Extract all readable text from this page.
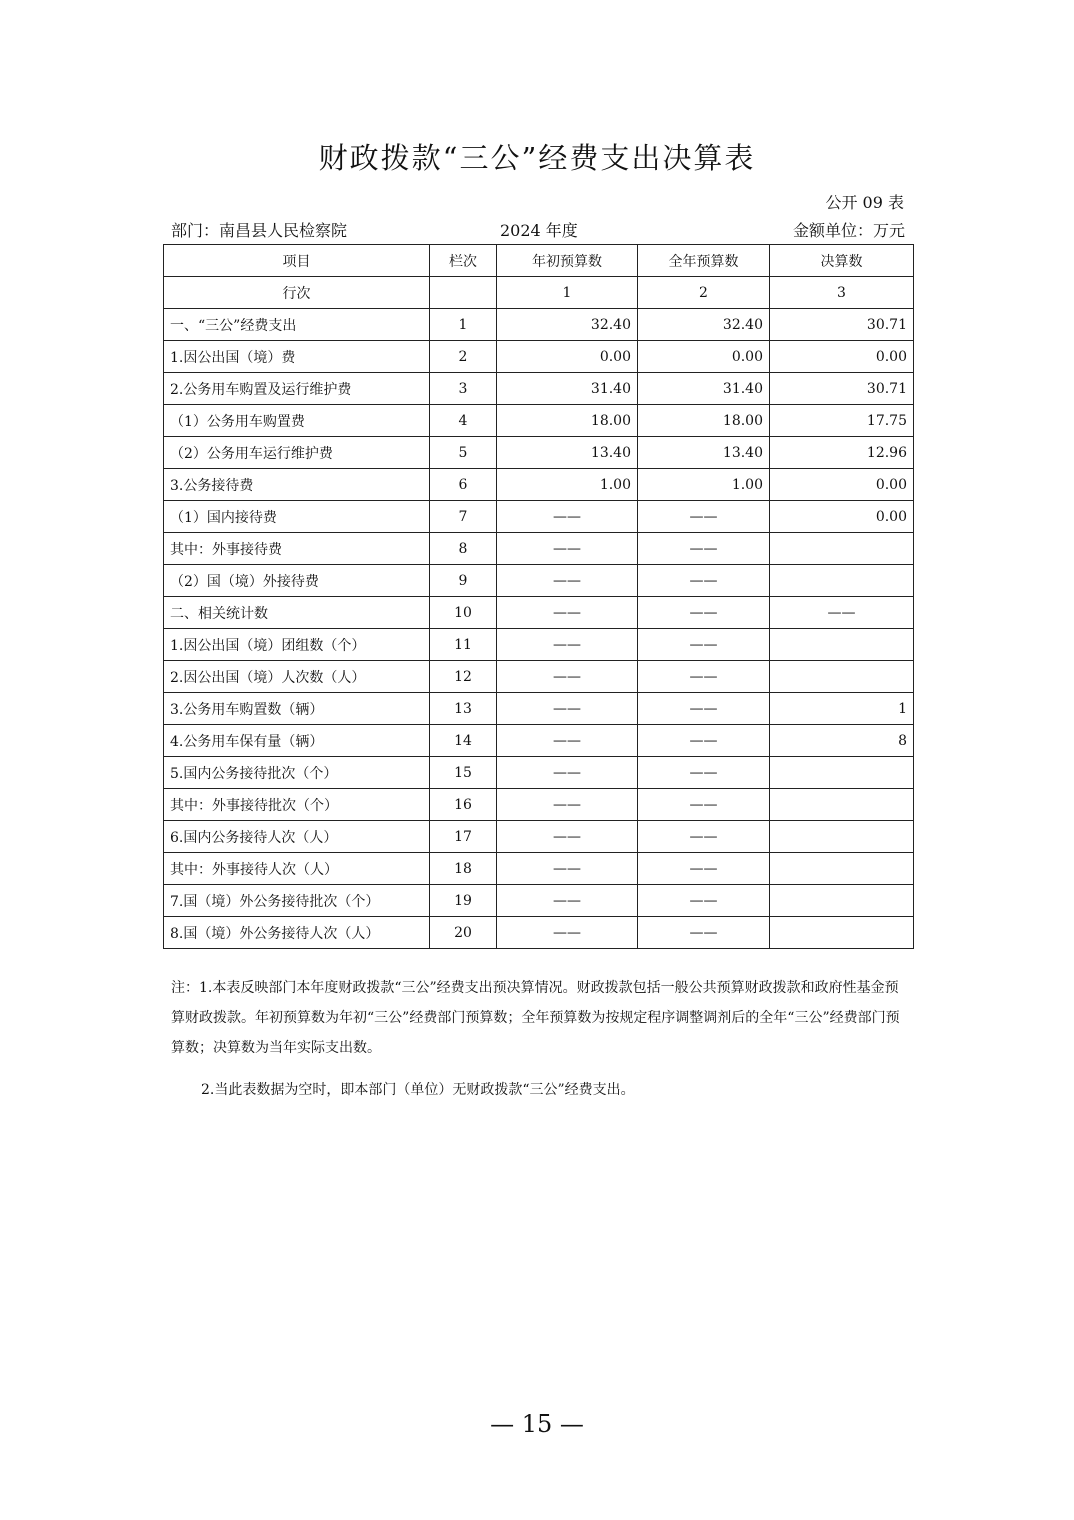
财政拨款“三公”经费支出决算表
公开 09 表
部门：南昌县人民检察院	2024 年度	金额单位：万元
项目	栏次	年初预算数	全年预算数	决算数
行次		1	2	3
一、“三公”经费支出	1	32.40	32.40	30.71
1.因公出国（境）费	2	0.00	0.00	0.00
2.公务用车购置及运行维护费	3	31.40	31.40	30.71
（1）公务用车购置费	4	18.00	18.00	17.75
（2）公务用车运行维护费	5	13.40	13.40	12.96
3.公务接待费	6	1.00	1.00	0.00
（1）国内接待费	7	——	——	0.00
其中：外事接待费	8	——	——	
（2）国（境）外接待费	9	——	——	
二、相关统计数	10	——	——	——
1.因公出国（境）团组数（个）	11	——	——	
2.因公出国（境）人次数（人）	12	——	——	
3.公务用车购置数（辆）	13	——	——	1
4.公务用车保有量（辆）	14	——	——	8
5.国内公务接待批次（个）	15	——	——	
其中：外事接待批次（个）	16	——	——	
6.国内公务接待人次（人）	17	——	——	
其中：外事接待人次（人）	18	——	——	
7.国（境）外公务接待批次（个）	19	——	——	
8.国（境）外公务接待人次（人）	20	——	——	

注：1.本表反映部门本年度财政拨款“三公”经费支出预决算情况。财政拨款包括一般公共预算财政拨款和政府性基金预算财政拨款。年初预算数为年初“三公”经费部门预算数；全年预算数为按规定程序调整调剂后的全年“三公”经费部门预算数；决算数为当年实际支出数。

2.当此表数据为空时，即本部门（单位）无财政拨款“三公”经费支出。

— 15 —
